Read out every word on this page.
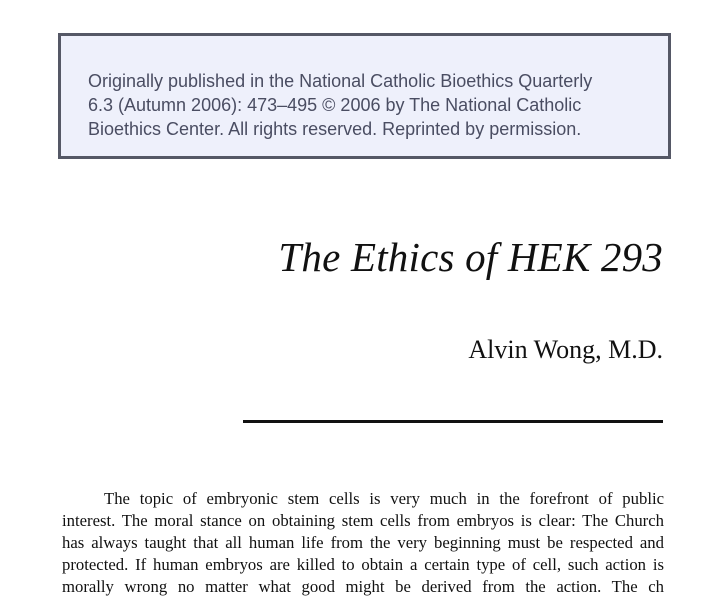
Originally published in the National Catholic Bioethics Quarterly
6.3 (Autumn 2006): 473–495 © 2006 by The National Catholic
Bioethics Center. All rights reserved. Reprinted by permission.
The Ethics of HEK 293
Alvin Wong, M.D.
The topic of embryonic stem cells is very much in the forefront of public
interest. The moral stance on obtaining stem cells from embryos is clear: The Church
has always taught that all human life from the very beginning must be respected and
protected. If human embryos are killed to obtain a certain type of cell, such action is
morally wrong no matter what good might be derived from the action. The ch
